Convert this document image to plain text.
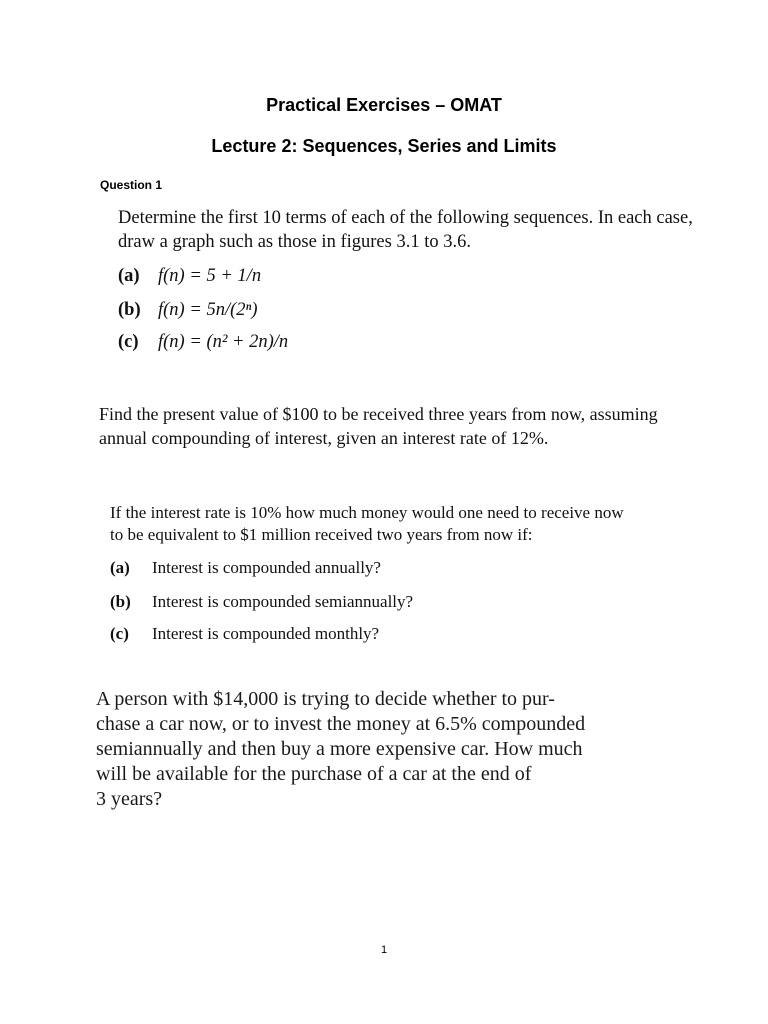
Practical Exercises – OMAT
Lecture 2: Sequences, Series and Limits
Question 1
Determine the first 10 terms of each of the following sequences. In each case,
draw a graph such as those in figures 3.1 to 3.6.
(a) f(n) = 5 + 1/n
(b) f(n) = 5n/(2ⁿ)
(c) f(n) = (n² + 2n)/n
Find the present value of $100 to be received three years from now, assuming
annual compounding of interest, given an interest rate of 12%.
If the interest rate is 10% how much money would one need to receive now
to be equivalent to $1 million received two years from now if:
(a) Interest is compounded annually?
(b) Interest is compounded semiannually?
(c) Interest is compounded monthly?
A person with $14,000 is trying to decide whether to pur-
chase a car now, or to invest the money at 6.5% compounded
semiannually and then buy a more expensive car. How much
will be available for the purchase of a car at the end of
3 years?
1
